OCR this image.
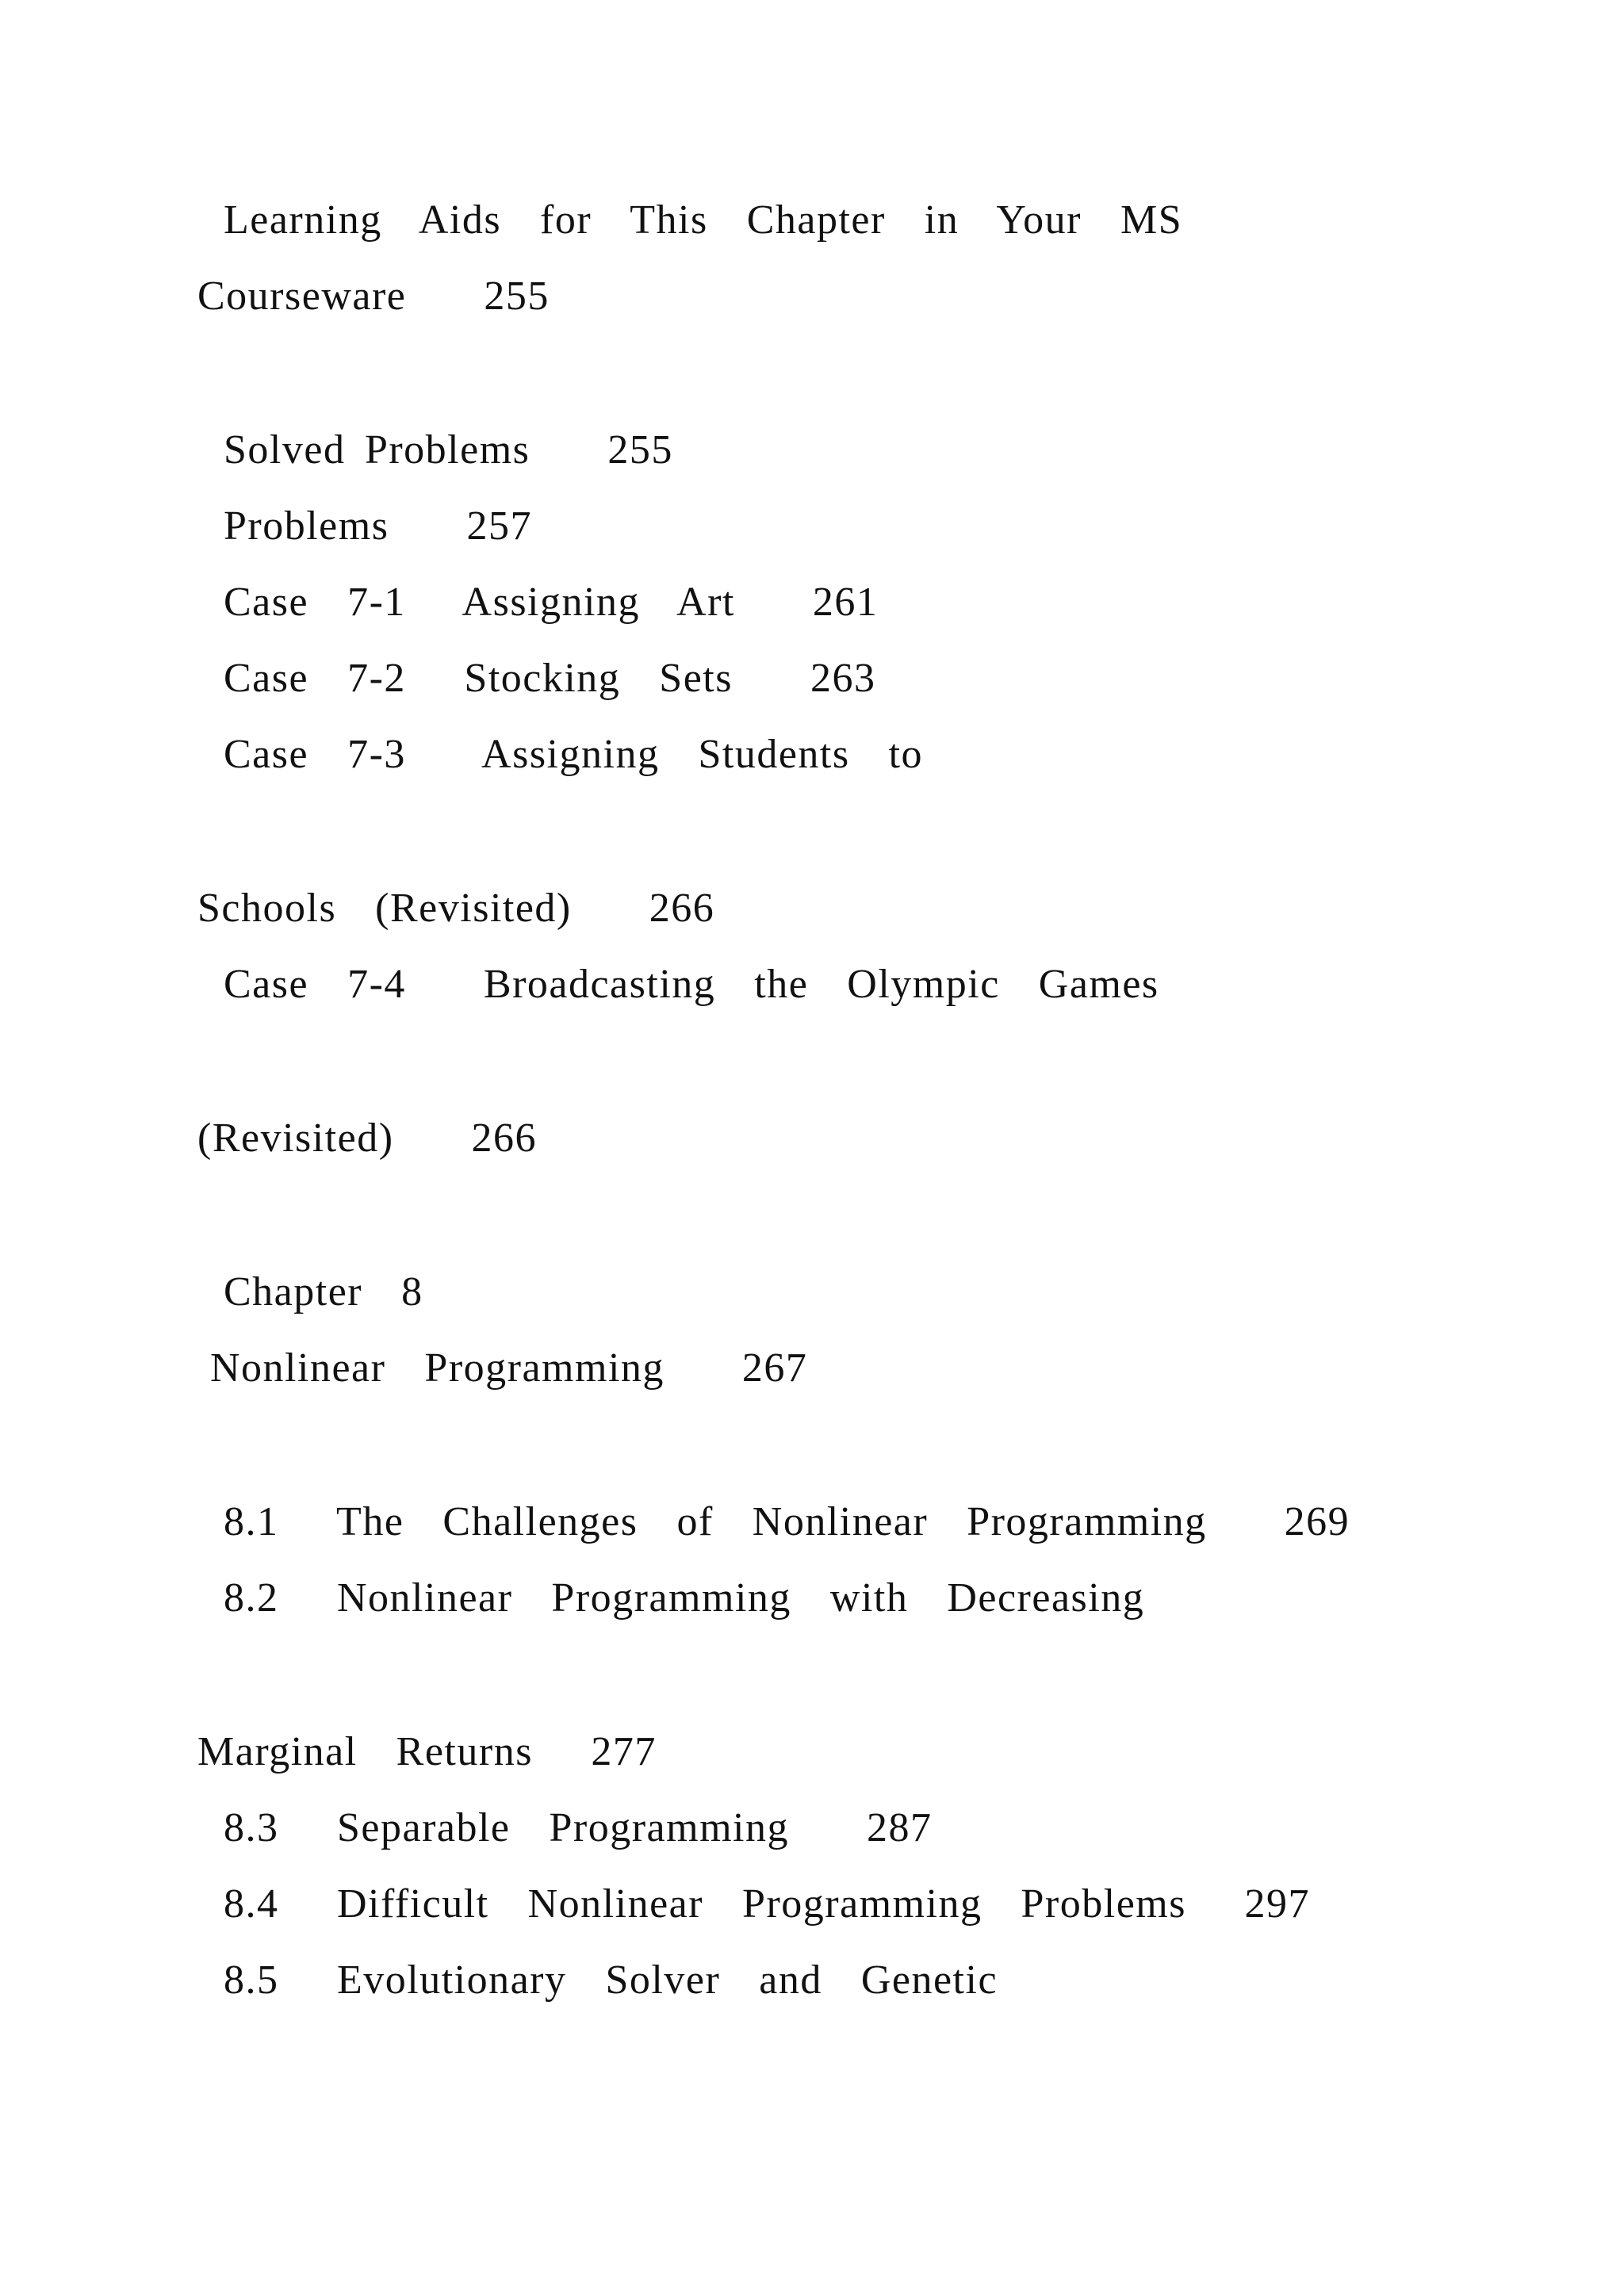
Learning  Aids  for  This  Chapter  in  Your  MS
Courseware    255
Solved Problems    255
Problems    257
Case  7-1   Assigning  Art    261
Case  7-2   Stocking  Sets    263
Case  7-3    Assigning  Students  to
Schools  (Revisited)    266
Case  7-4    Broadcasting  the  Olympic  Games
(Revisited)    266
Chapter  8
Nonlinear  Programming    267
8.1   The  Challenges  of  Nonlinear  Programming    269
8.2   Nonlinear  Programming  with  Decreasing
Marginal  Returns   277
8.3   Separable  Programming    287
8.4   Difficult  Nonlinear  Programming  Problems   297
8.5   Evolutionary  Solver  and  Genetic
